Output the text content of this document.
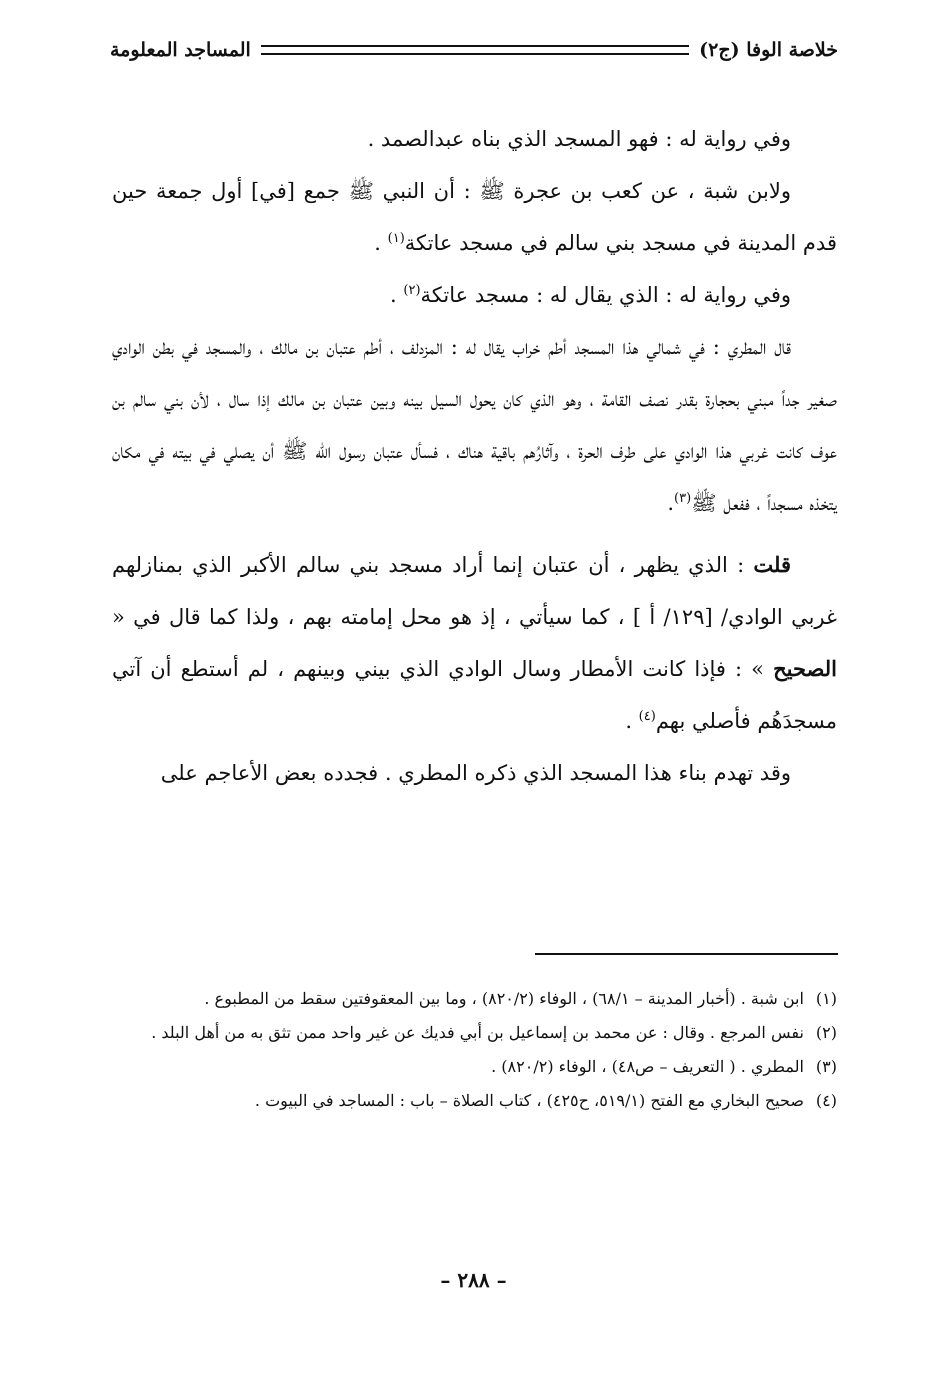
خلاصة الوفا (ج٢)
المساجد المعلومة

وفي رواية له : فهو المسجد الذي بناه عبدالصمد .

ولابن شبة ، عن كعب بن عجرة ﷺ : أن النبي ﷺ جمع [في] أول جمعة حين قدم المدينة في مسجد بني سالم في مسجد عاتكة$^{(١)}$ .

وفي رواية له : الذي يقال له : مسجد عاتكة$^{(٢)}$ .

قال المطري : في شمالي هذا المسجد أطم خراب يقال له : المزدلف ، أطم عتبان بن مالك ، والمسجد في بطن الوادي صغير جداً مبني بحجارة بقدر نصف القامة ، وهو الذي كان يحول السيل بينه وبين عتبان بن مالك إذا سال ، لأن بني سالم بن عوف كانت غربي هذا الوادي على طرف الحرة ، وآثارُهم باقية هناك ، فسأل عتبان رسول الله ﷺ أن يصلي في بيته في مكان يتخذه مسجداً ، ففعل ﷺ$^{(٣)}$.

قلت : الذي يظهر ، أن عتبان إنما أراد مسجد بني سالم الأكبر الذي بمنازلهم غربي الوادي/ [١٢٩/ أ ] ، كما سيأتي ، إذ هو محل إمامته بهم ، ولذا كما قال في « الصحيح » : فإذا كانت الأمطار وسال الوادي الذي بيني وبينهم ، لم أستطع أن آتي مسجدَهُم فأصلي بهم$^{(٤)}$ .

وقد تهدم بناء هذا المسجد الذي ذكره المطري . فجدده بعض الأعاجم على

(١)
ابن شبة . (أخبار المدينة – ٦٨/١) ، الوفاء (٨٢٠/٢) ، وما بين المعقوفتين سقط من المطبوع .
(٢)
نفس المرجع . وقال : عن محمد بن إسماعيل بن أبي فديك عن غير واحد ممن تثق به من أهل البلد .
(٣)
المطري . ( التعريف – ص٤٨) ، الوفاء (٨٢٠/٢) .
(٤)
صحيح البخاري مع الفتح (٥١٩/١، ح٤٢٥) ، كتاب الصلاة – باب : المساجد في البيوت .
– ٢٨٨ –
